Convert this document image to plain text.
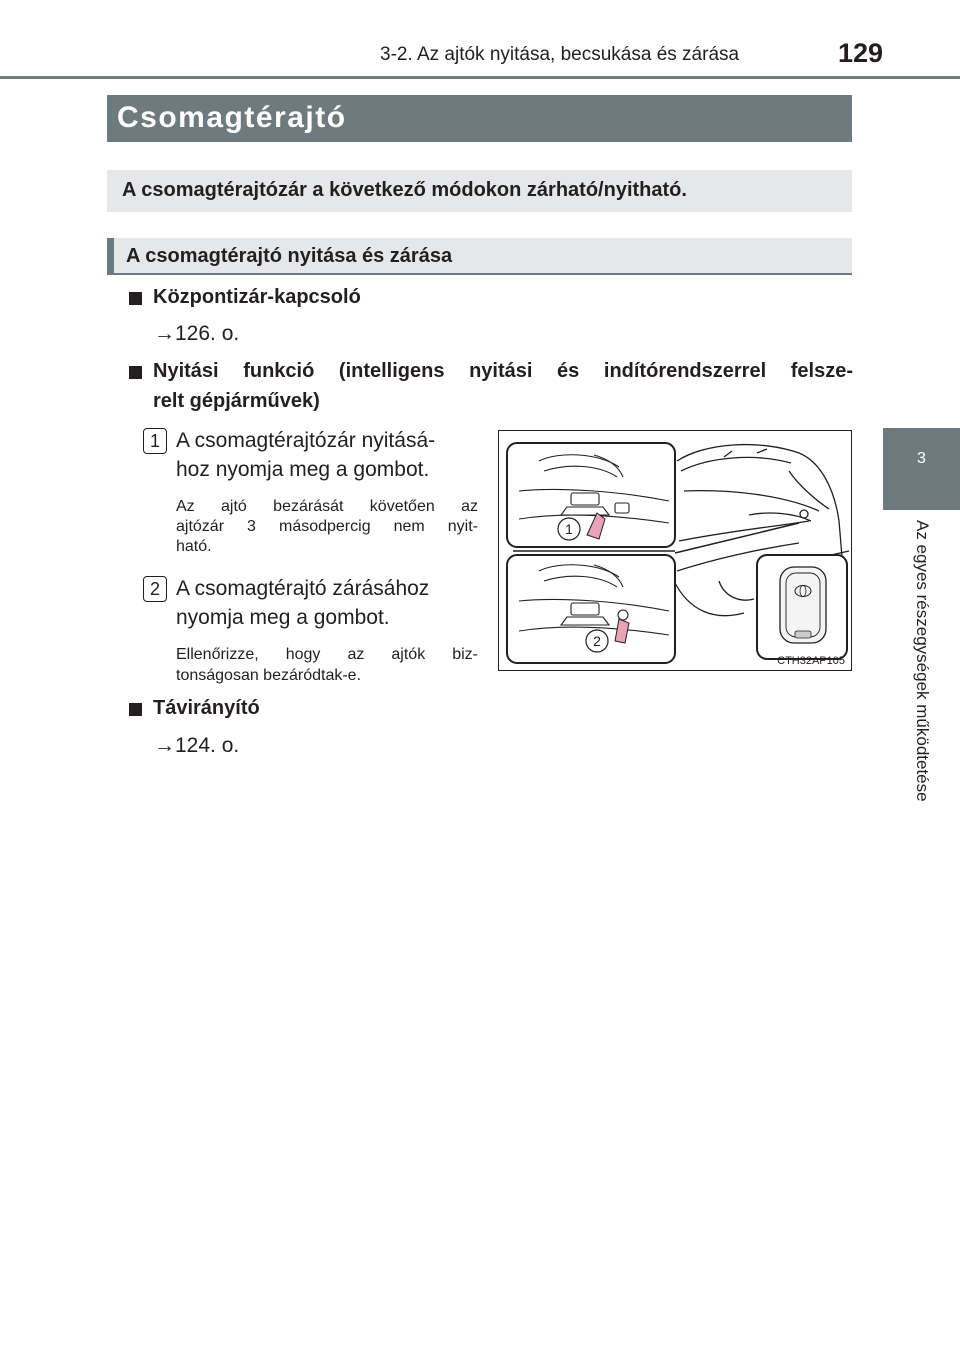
3-2. Az ajtók nyitása, becsukása és zárása	129
3
Az egyes részegységek működtetése
Csomagtérajtó
A csomagtérajtózár a következő módokon zárható/nyitható.
A csomagtérajtó nyitása és zárása
Központizár-kapcsoló
→126. o.
Nyitási funkció (intelligens nyitási és indítórendszerrel felsze-
relt gépjárművek)
1 A csomagtérajtózár nyitásá-
hoz nyomja meg a gombot.
Az ajtó bezárását követően az
ajtózár 3 másodpercig nem nyit-
ható.
2 A csomagtérajtó zárásához
nyomja meg a gombot.
Ellenőrizze, hogy az ajtók biz-
tonságosan bezáródtak-e.
Távirányító
→124. o.
1
2
CTH32AP105
